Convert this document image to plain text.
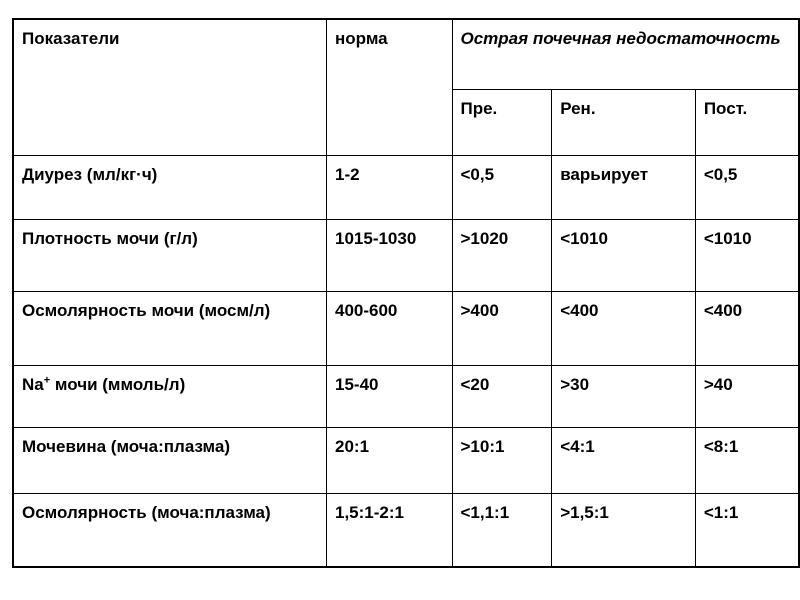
Показатели	норма	Острая почечная недостаточность		
		Пре.	Рен.	Пост.
Диурез (мл/кг·ч)	1-2	<0,5	варьирует	<0,5
Плотность мочи (г/л)	1015-1030	>1020	<1010	<1010
Осмолярность мочи (мосм/л)	400-600	>400	<400	<400
Na+ мочи (ммоль/л)	15-40	<20	>30	>40
Мочевина (моча:плазма)	20:1	>10:1	<4:1	<8:1
Осмолярность (моча:плазма)	1,5:1-2:1	<1,1:1	>1,5:1	<1:1
